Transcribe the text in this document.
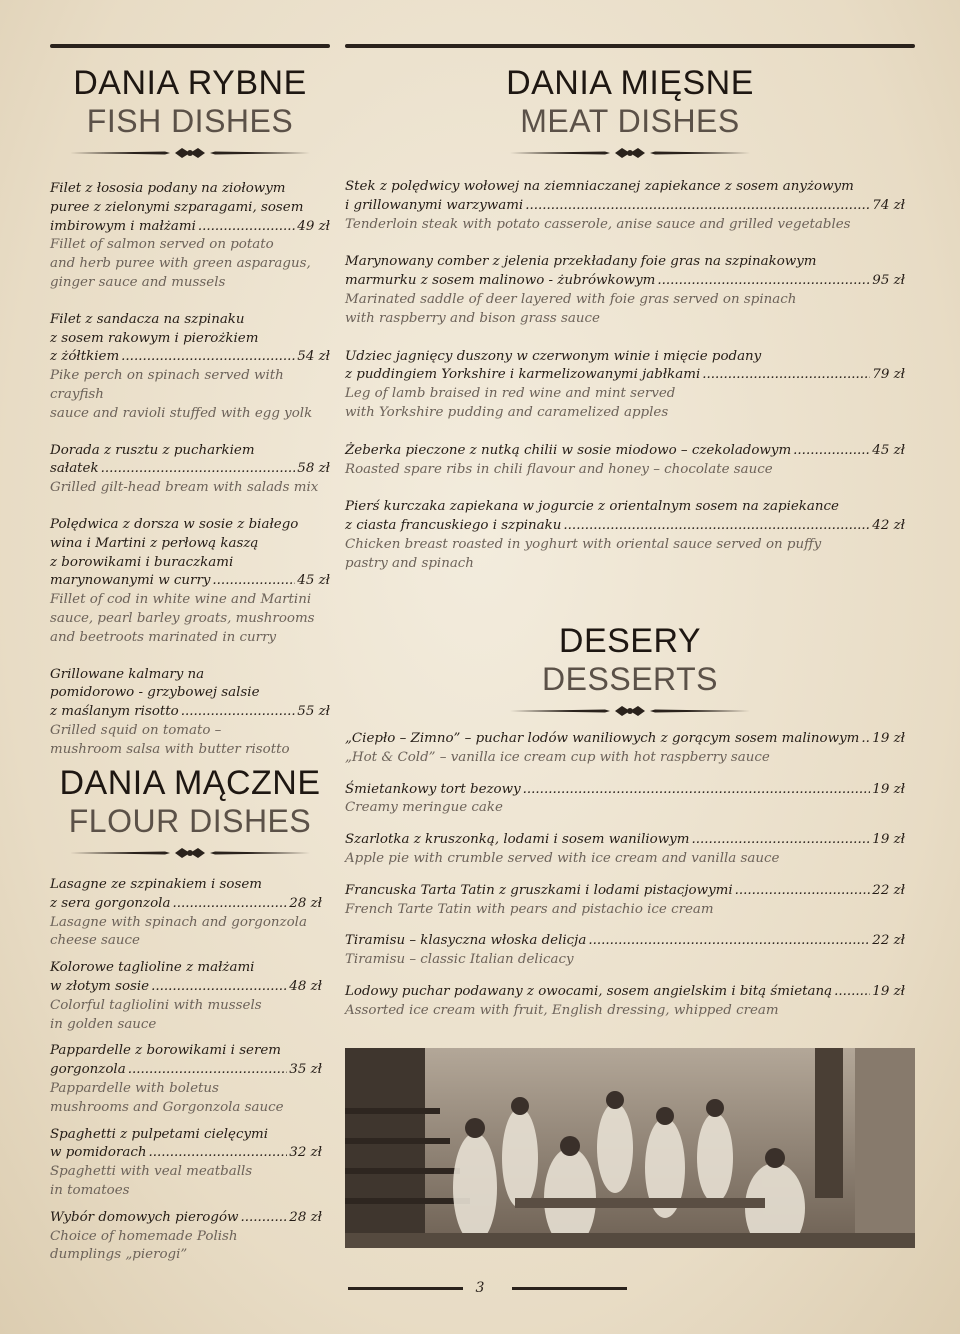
DANIA RYBNE
FISH DISHES
Filet z łososia podany na ziołowym
puree z zielonymi szparagami, sosem
imbirowym i małżami .....	49 zł
Fillet of salmon served on potato
and herb puree with green asparagus,
ginger sauce and mussels
Filet z sandacza na szpinaku
z sosem rakowym i pierożkiem
z żółtkiem .....	54 zł
Pike perch on spinach served with crayfish
sauce and ravioli stuffed with egg yolk
Dorada z rusztu z pucharkiem
sałatek .....	58 zł
Grilled gilt-head bream with salads mix
Polędwica z dorsza w sosie z białego
wina i Martini z perłową kaszą
z borowikami i buraczkami
marynowanymi w curry .....	45 zł
Fillet of cod in white wine and Martini
sauce, pearl barley groats, mushrooms
and beetroots marinated in curry
Grillowane kalmary na
pomidorowo - grzybowej salsie
z maślanym risotto .....	55 zł
Grilled squid on tomato –
mushroom salsa with butter risotto
DANIA MĄCZNE
FLOUR DISHES
Lasagne ze szpinakiem i sosem
z sera gorgonzola .....	28 zł
Lasagne with spinach and gorgonzola
cheese sauce
Kolorowe taglioline z małżami
w złotym sosie .....	48 zł
Colorful tagliolini with mussels
in golden sauce
Pappardelle z borowikami i serem
gorgonzola .....	35 zł
Pappardelle with boletus
mushrooms and Gorgonzola sauce
Spaghetti z pulpetami cielęcymi
w pomidorach .....	32 zł
Spaghetti with veal meatballs
in tomatoes
Wybór domowych pierogów .....	28 zł
Choice of homemade Polish
dumplings „pierogi”
DANIA MIĘSNE
MEAT DISHES
Stek z polędwicy wołowej na ziemniaczanej zapiekance z sosem anyżowym
i grillowanymi warzywami .....	74 zł
Tenderloin steak with potato casserole, anise sauce and grilled vegetables
Marynowany comber z jelenia przekładany foie gras na szpinakowym
marmurku z sosem malinowo - żubrówkowym .....	95 zł
Marinated saddle of deer layered with foie gras served on spinach
with raspberry and bison grass sauce
Udziec jagnięcy duszony w czerwonym winie i mięcie podany
z puddingiem Yorkshire i karmelizowanymi jabłkami .....	79 zł
Leg of lamb braised in red wine and mint served
with Yorkshire pudding and caramelized apples
Żeberka pieczone z nutką chilii w sosie miodowo – czekoladowym .....	45 zł
Roasted spare ribs in chili flavour and honey – chocolate sauce
Pierś kurczaka zapiekana w jogurcie z orientalnym sosem na zapiekance
z ciasta francuskiego i szpinaku .....	42 zł
Chicken breast roasted in yoghurt with oriental sauce served on puffy
pastry and spinach
DESERY
DESSERTS
„Ciepło – Zimno” – puchar lodów waniliowych z gorącym sosem malinowym ..... 19 zł
„Hot & Cold” – vanilla ice cream cup with hot raspberry sauce
Śmietankowy tort bezowy .....	19 zł
Creamy meringue cake
Szarlotka z kruszonką, lodami i sosem waniliowym .....	19 zł
Apple pie with crumble served with ice cream and vanilla sauce
Francuska Tarta Tatin z gruszkami i lodami pistacjowymi .....	22 zł
French Tarte Tatin with pears and pistachio ice cream
Tiramisu – klasyczna włoska delicja .....	22 zł
Tiramisu – classic Italian delicacy
Lodowy puchar podawany z owocami, sosem angielskim i bitą śmietaną .....	19 zł
Assorted ice cream with fruit, English dressing, whipped cream
3
